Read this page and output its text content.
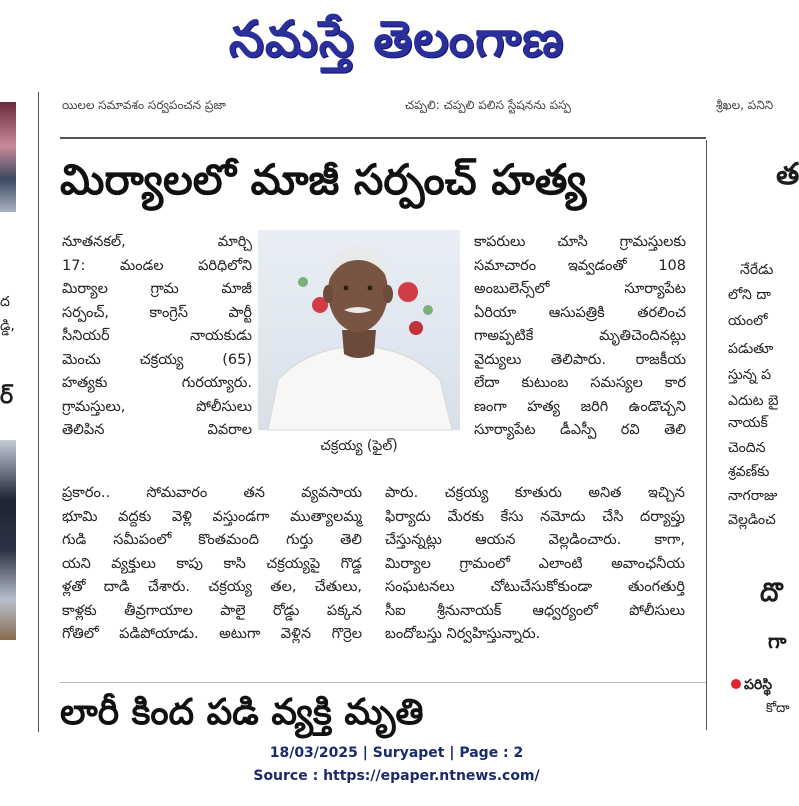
నమస్తే తెలంగాణ
యిలల సమావశం సర్వపంచన ప్రజా	చప్పలి: చప్పలి పలిస స్టేషనను పస్ప	శ్రీఖల, పనిని
ద
డ్డి,
ర్
మిర్యాలలో మాజీ సర్పంచ్ హత్య

నూతనకల్, మార్చి

17: మండల పరిధిలోని

మిర్యాల గ్రామ మాజీ

సర్పంచ్, కాంగ్రెస్ పార్టీ

సీనియర్ నాయకుడు

మెంచు చక్రయ్య (65)

హత్యకు గురయ్యారు.

గ్రామస్తులు, పోలీసులు

తెలిపిన వివరాల

చక్రయ్య (ఫైల్)

కాపరులు చూసి గ్రామస్తులకు

సమాచారం ఇవ్వడంతో 108

అంబులెన్స్‌లో సూర్యాపేట

ఏరియా ఆసుపత్రికి తరలించ

గాఅప్పటికే మృతిచెందినట్లు

వైద్యులు తెలిపారు. రాజకీయ

లేదా కుటుంబ సమస్యల కార

ణంగా హత్య జరిగి ఉండొచ్చని

సూర్యాపేట డీఎస్పీ రవి తెలి

ప్రకారం.. సోమవారం తన వ్యవసాయ

భూమి వద్దకు వెళ్లి వస్తుండగా ముత్యాలమ్మ

గుడి సమీపంలో కొంతమంది గుర్తు తెలి

యని వ్యక్తులు కాపు కాసి చక్రయ్యపై గొడ్డ

ళ్లతో దాడి చేశారు. చక్రయ్య తల, చేతులు,

కాళ్లకు తీవ్రగాయాల పాలై రోడ్డు పక్కన

గోతిలో పడిపోయాడు. అటుగా వెళ్లిన గొర్రెల

పారు. చక్రయ్య కూతురు అనిత ఇచ్చిన

ఫిర్యాదు మేరకు కేసు నమోదు చేసి దర్యాప్తు

చేస్తున్నట్లు ఆయన వెల్లడించారు. కాగా,

మిర్యాల గ్రామంలో ఎలాంటి అవాంఛనీయ

సంఘటనలు చోటుచేసుకోకుండా తుంగతుర్తి

సీఐ శ్రీనునాయక్ ఆధ్వర్యంలో పోలీసులు

బందోబస్తు నిర్వహిస్తున్నారు.

లారీ కింద పడి వ్యక్తి మృతి
త
నేరేడు
లోని దా
యంలో
పడుతూ
స్తున్న ప
ఎదుట బై
నాయక్
చెందిన
శ్రవణ్‌కు
నాగరాజు
వెల్లడించ
దొ
గా
పరిస్థి
కోదా
18/03/2025 | Suryapet | Page : 2
Source : https://epaper.ntnews.com/
